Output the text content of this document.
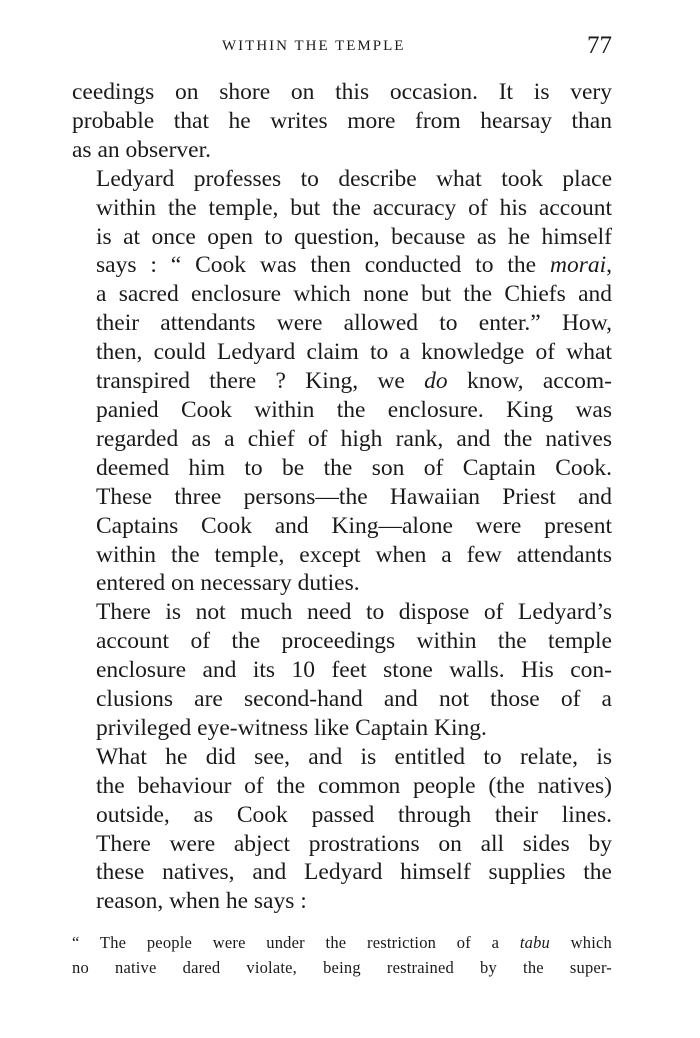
WITHIN THE TEMPLE	77

ceedings on shore on this occasion. It is very
probable that he writes more from hearsay than
as an observer.

Ledyard professes to describe what took place
within the temple, but the accuracy of his account
is at once open to question, because as he himself
says : “ Cook was then conducted to the morai,
a sacred enclosure which none but the Chiefs and
their attendants were allowed to enter.” How,
then, could Ledyard claim to a knowledge of what
transpired there ? King, we do know, accom-
panied Cook within the enclosure. King was
regarded as a chief of high rank, and the natives
deemed him to be the son of Captain Cook.
These three persons—the Hawaiian Priest and
Captains Cook and King—alone were present
within the temple, except when a few attendants
entered on necessary duties.

There is not much need to dispose of Ledyard’s
account of the proceedings within the temple
enclosure and its 10 feet stone walls. His con-
clusions are second-hand and not those of a
privileged eye-witness like Captain King.

What he did see, and is entitled to relate, is
the behaviour of the common people (the natives)
outside, as Cook passed through their lines.
There were abject prostrations on all sides by
these natives, and Ledyard himself supplies the
reason, when he says :

“ The people were under the restriction of a tabu which
no native dared violate, being restrained by the super-
